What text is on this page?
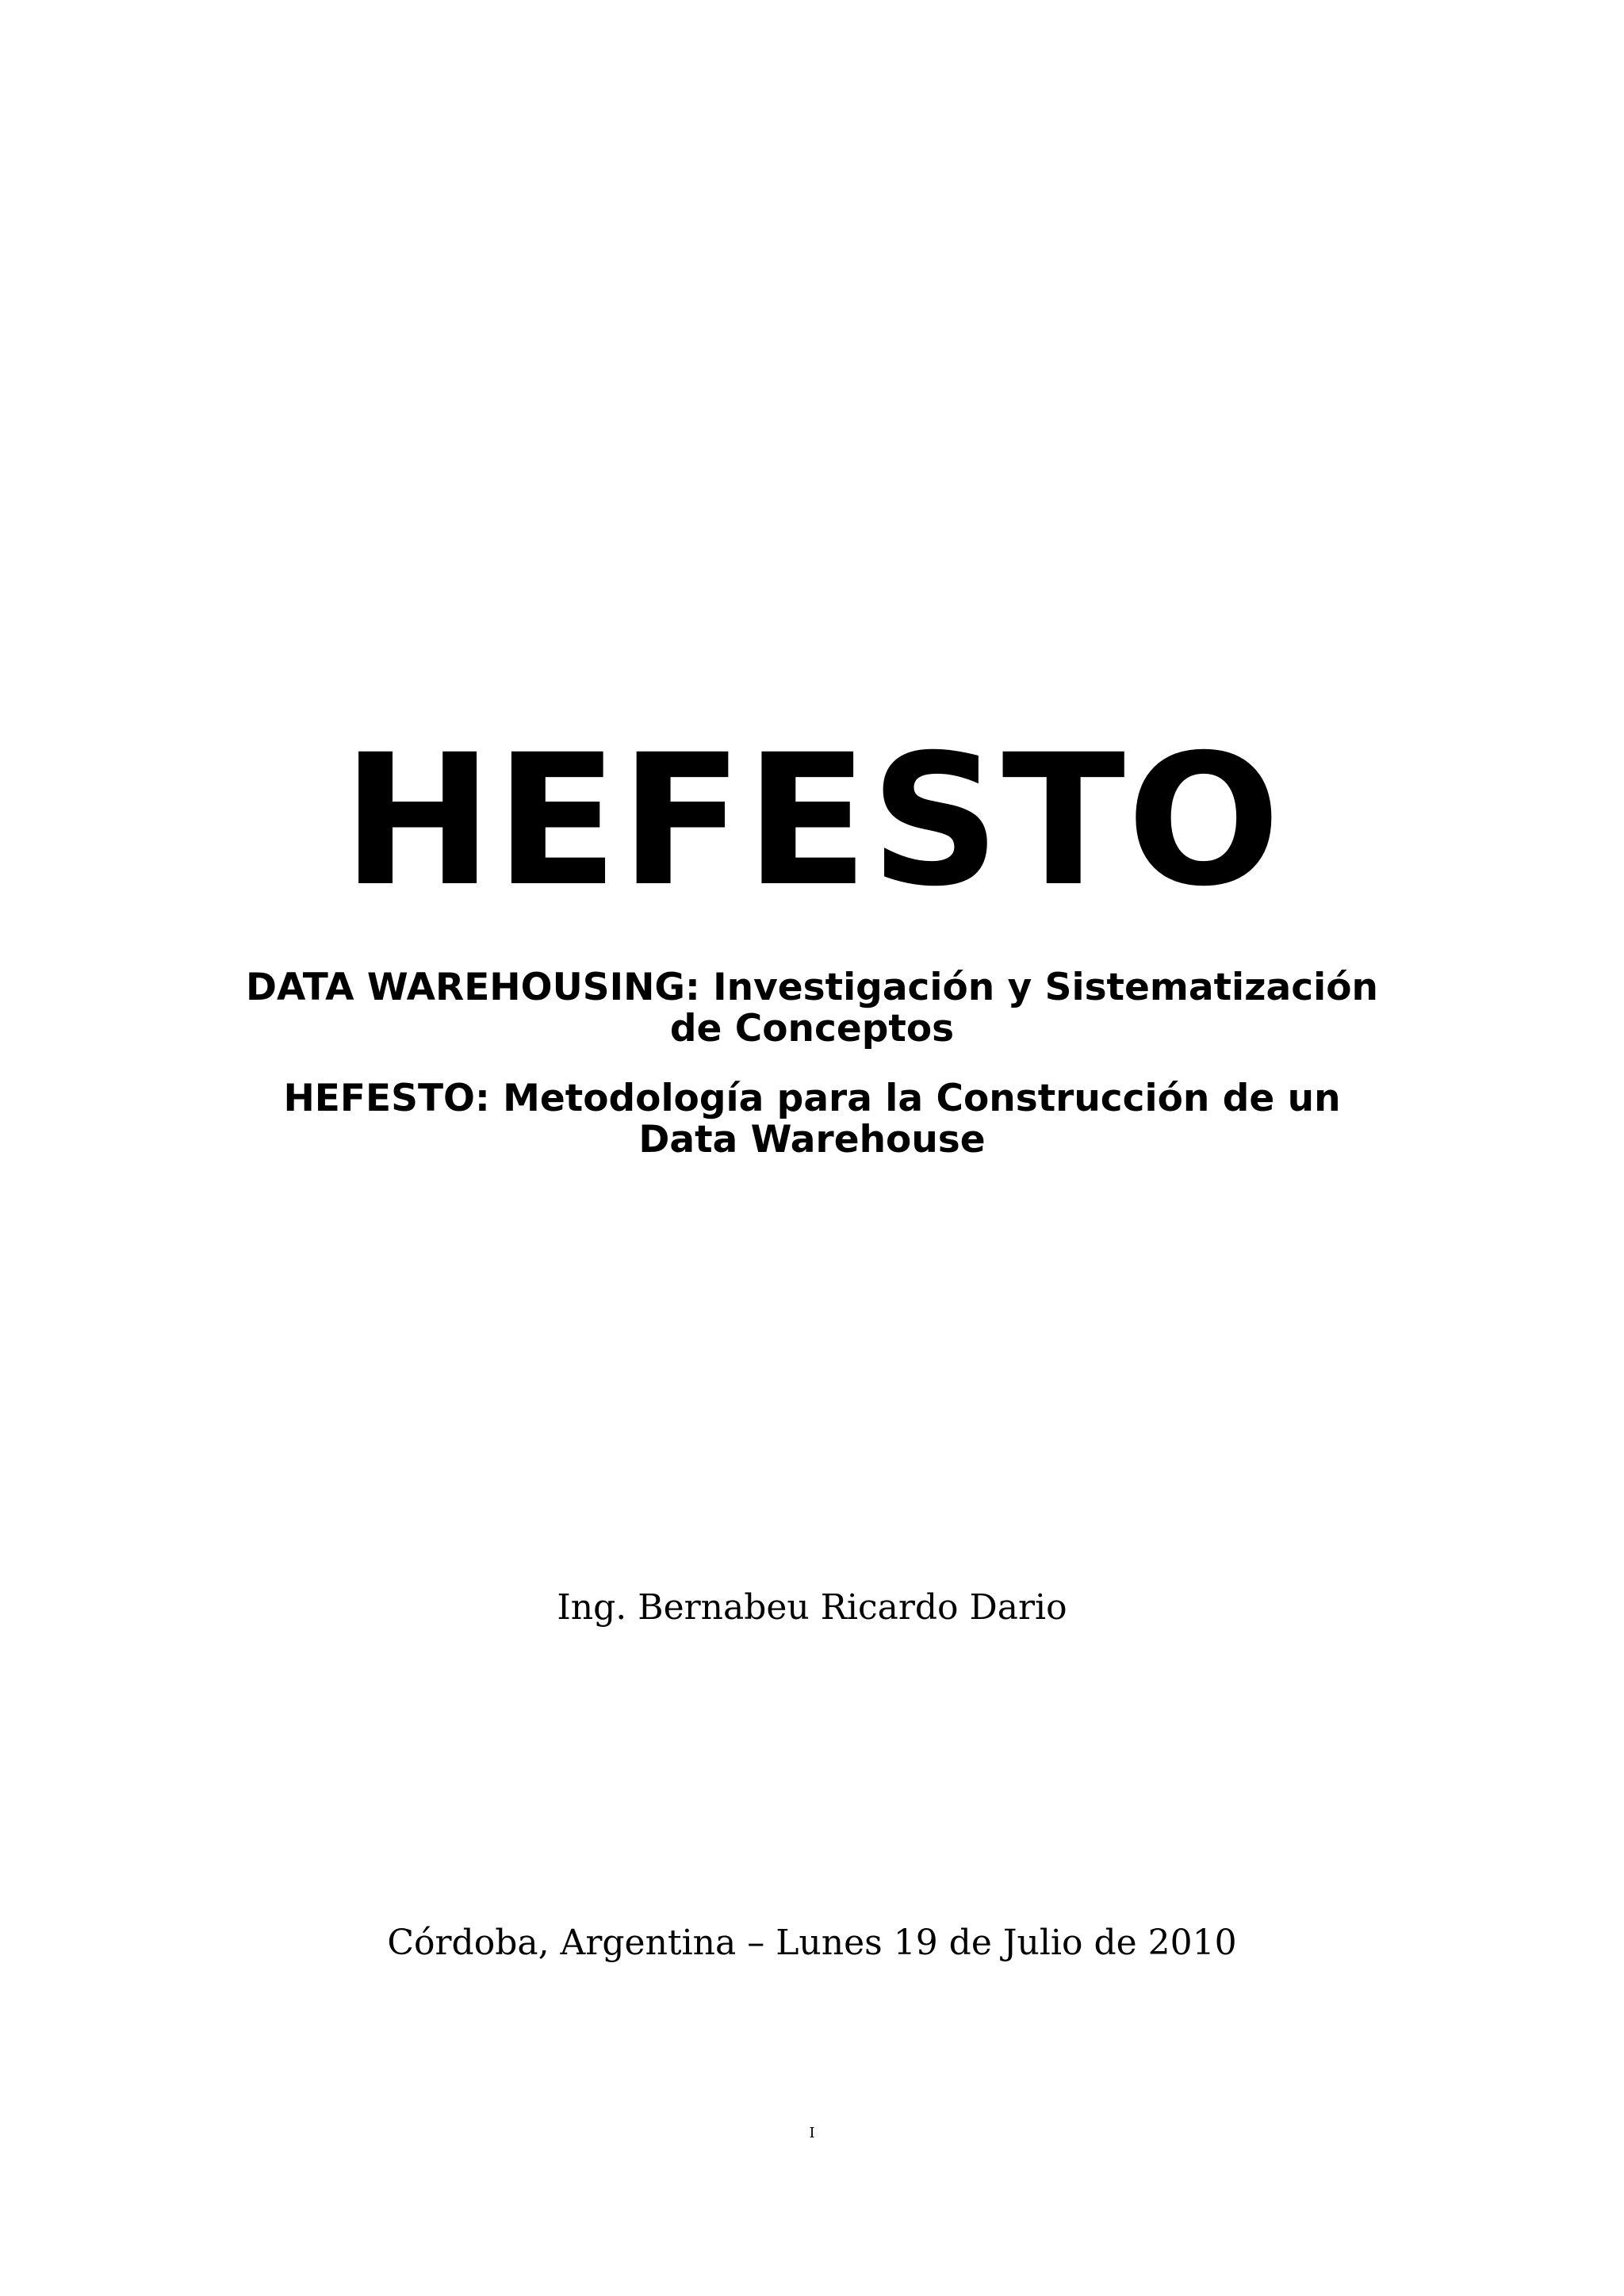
HEFESTO

DATA WAREHOUSING: Investigación y Sistematización de Conceptos

HEFESTO: Metodología para la Construcción de un Data Warehouse

Ing. Bernabeu Ricardo Dario

Córdoba, Argentina – Lunes 19 de Julio de 2010

I
